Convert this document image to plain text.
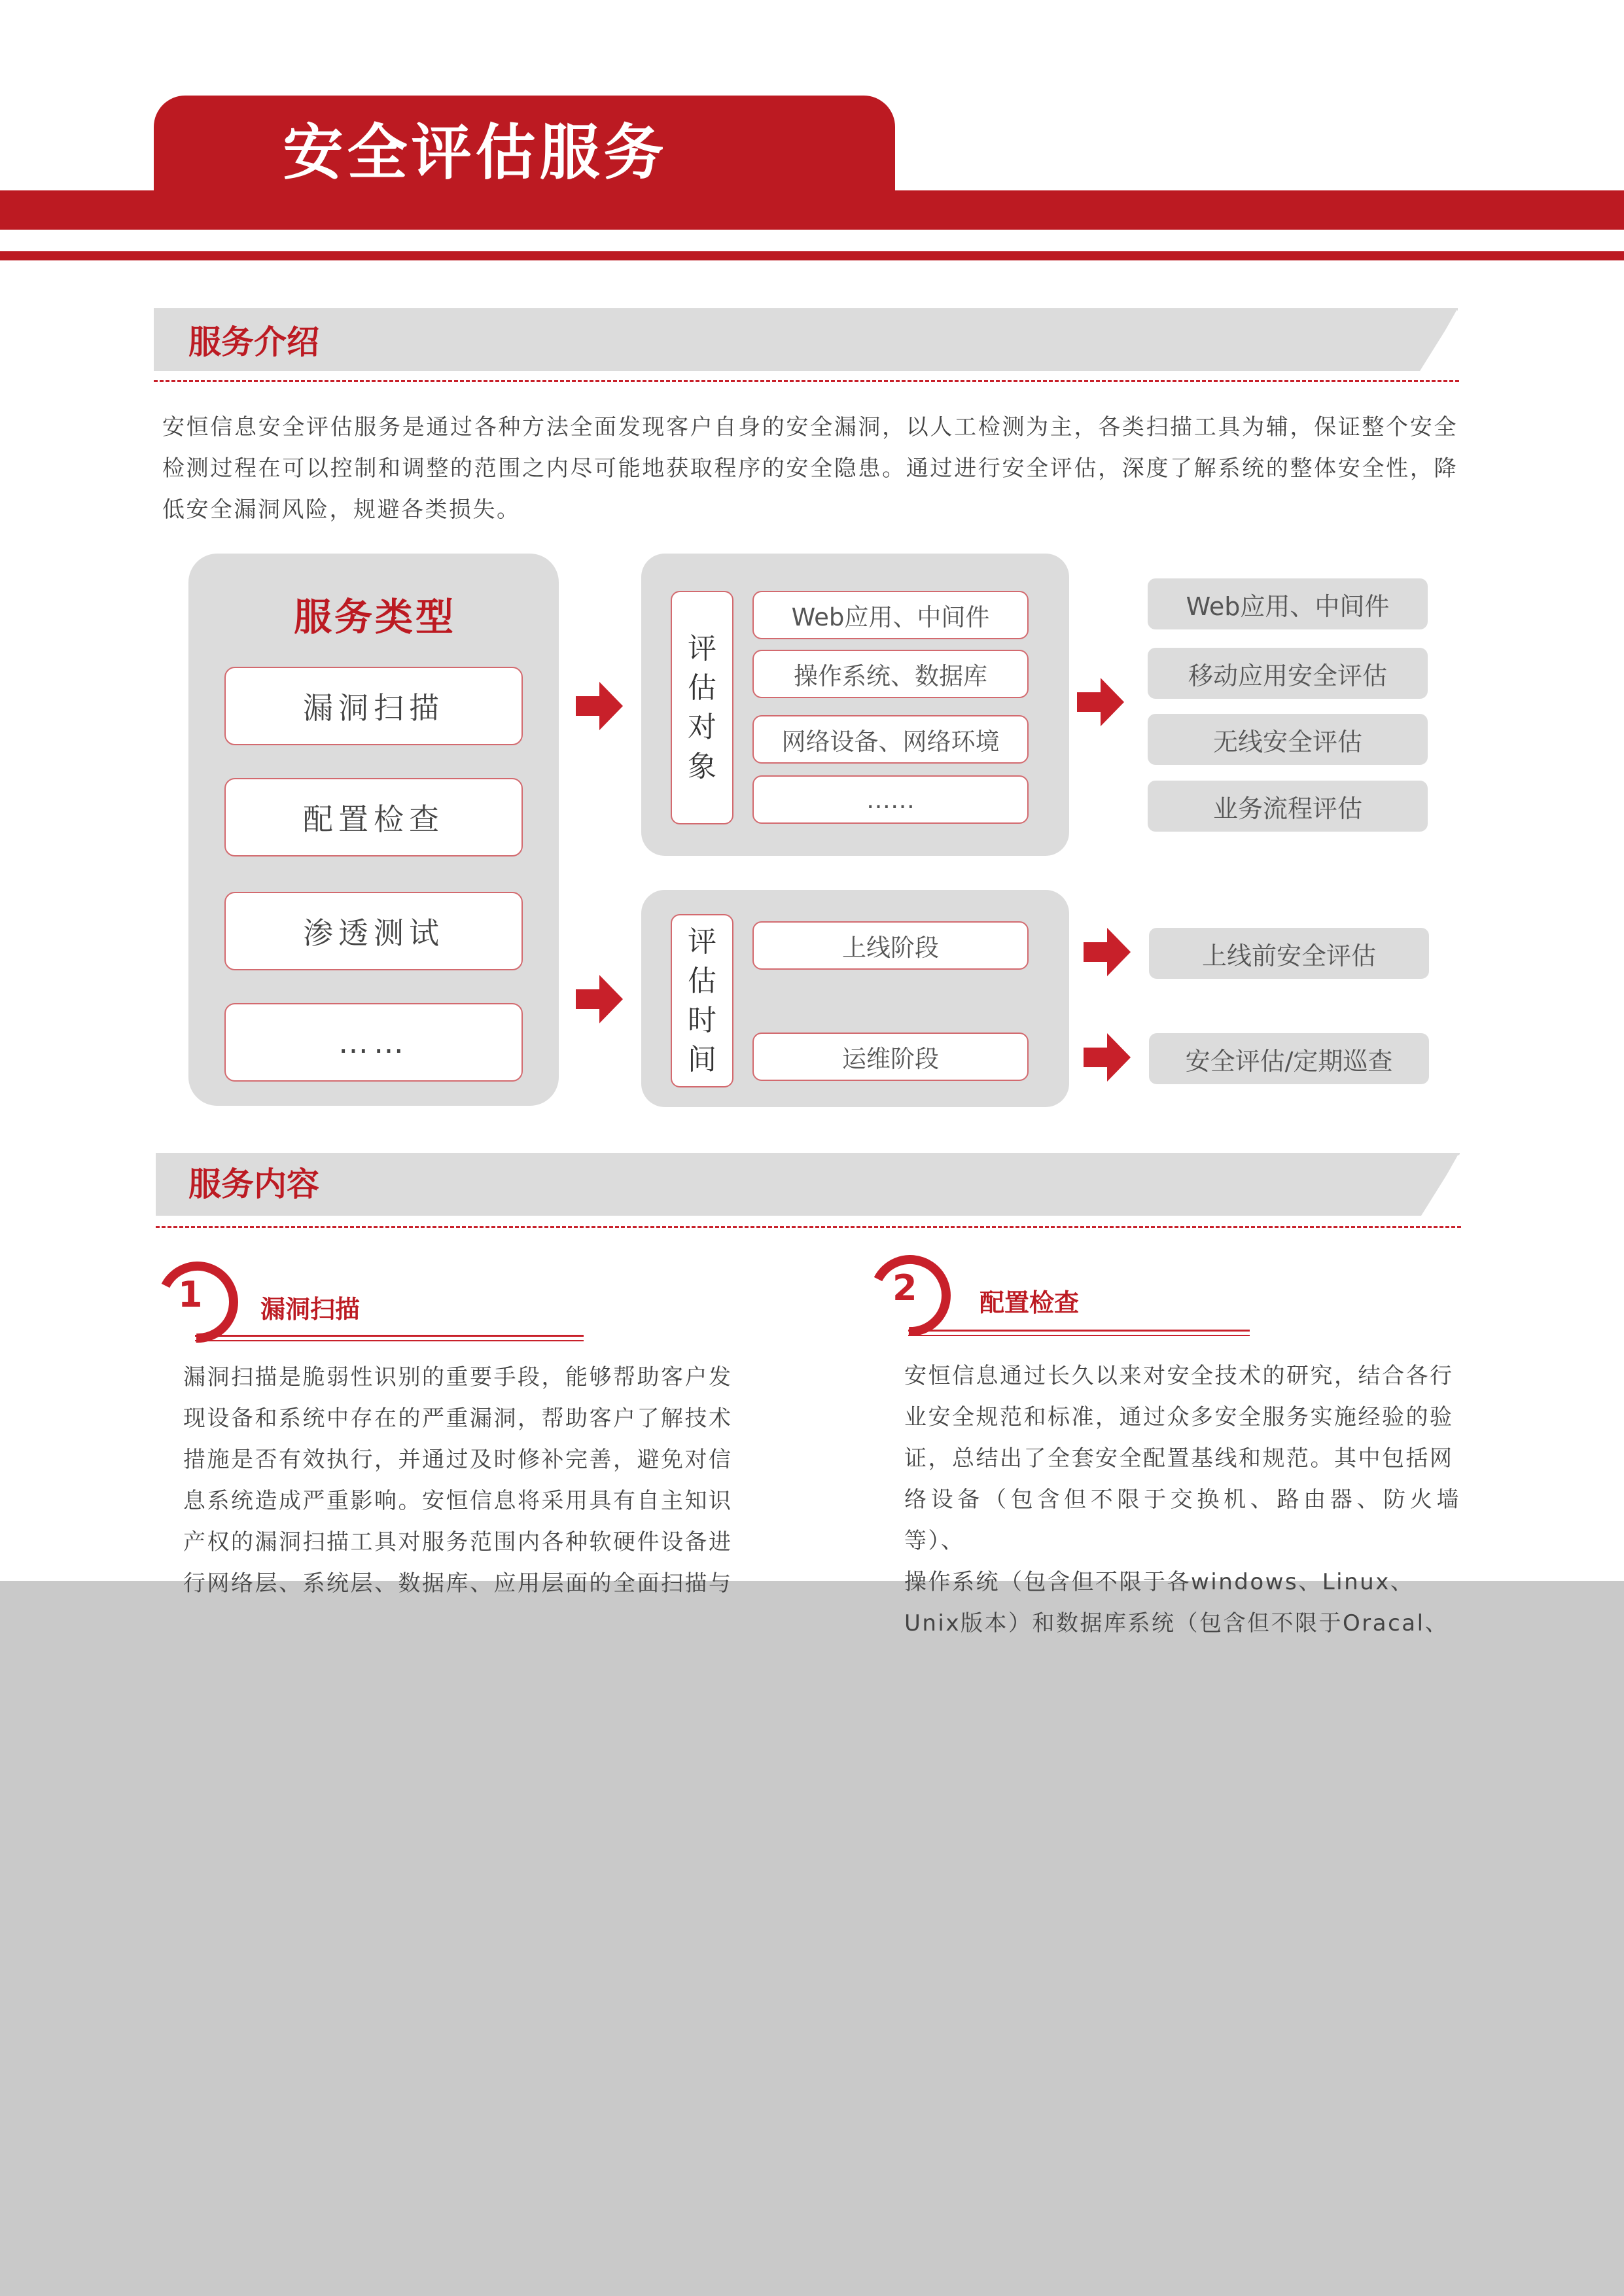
安全评估服务
服务介绍
安恒信息安全评估服务是通过各种方法全面发现客户自身的安全漏洞，以人工检测为主，各类扫描工具为辅，保证整个安全检测过程在可以控制和调整的范围之内尽可能地获取程序的安全隐患。通过进行安全评估，深度了解系统的整体安全性，降低安全漏洞风险，规避各类损失。
服务类型
漏洞扫描
配置检查
渗透测试
……
评
估
对
象
Web应用、中间件
操作系统、数据库
网络设备、网络环境
……
Web应用、中间件
移动应用安全评估
无线安全评估
业务流程评估
评
估
时
间
上线阶段
运维阶段
上线前安全评估
安全评估/定期巡查
服务内容
1 漏洞扫描
漏洞扫描是脆弱性识别的重要手段，能够帮助客户发
现设备和系统中存在的严重漏洞，帮助客户了解技术
措施是否有效执行，并通过及时修补完善，避免对信
息系统造成严重影响。安恒信息将采用具有自主知识
产权的漏洞扫描工具对服务范围内各种软硬件设备进
行网络层、系统层、数据库、应用层面的全面扫描与
2	配置检查
安恒信息通过长久以来对安全技术的研究，结合各行
业安全规范和标准，通过众多安全服务实施经验的验
证，总结出了全套安全配置基线和规范。其中包括网
络设备（包含但不限于交换机、路由器、防火墙等）、
操作系统（包含但不限于各windows、Linux、
Unix版本）和数据库系统（包含但不限于Oracal、
